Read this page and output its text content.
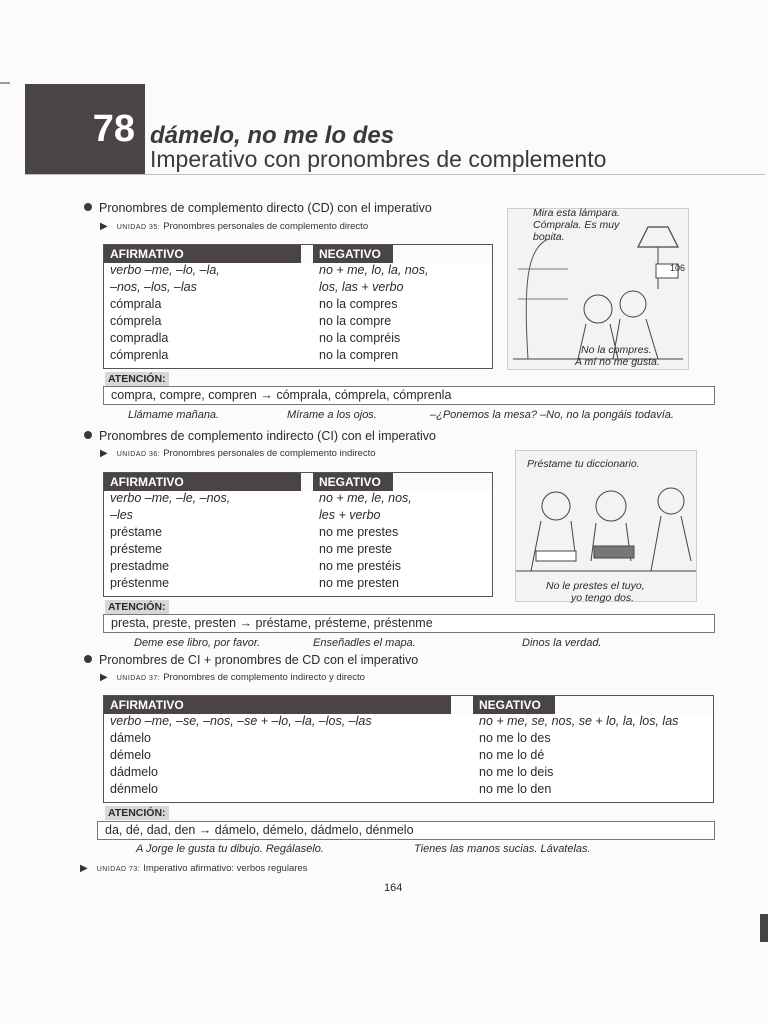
78 dámelo, no me lo des
Imperativo con pronombres de complemento
Pronombres de complemento directo (CD) con el imperativo
▶ UNIDAD 35: Pronombres personales de complemento directo
AFIRMATIVO		NEGATIVO	
verbo –me, –lo, –la,		no + me, lo, la, nos,	
–nos, –los, –las		los, las + verbo	
cómprala		no la compres	
cómprela		no la compre	
compradla		no la compréis	
cómprenla		no la compren	
Mira esta lámpara. Cómprala. Es muy bonita.
106
No la compres.
A mí no me gusta.
ATENCIÓN:
compra, compre, compren → cómprala, cómprela, cómprenla
Llámame mañana.	Mírame a los ojos.	–¿Ponemos la mesa? –No, no la pongáis todavía.
Pronombres de complemento indirecto (CI) con el imperativo
▶ UNIDAD 36: Pronombres personales de complemento indirecto
AFIRMATIVO		NEGATIVO	
verbo –me, –le, –nos,		no + me, le, nos,	
–les		les + verbo	
préstame		no me prestes	
présteme		no me preste	
prestadme		no me prestéis	
préstenme		no me presten	
Préstame tu diccionario.
No le prestes el tuyo,
yo tengo dos.
ATENCIÓN:
presta, preste, presten → préstame, présteme, préstenme
Deme ese libro, por favor.	Enseñadles el mapa.	Dinos la verdad.
Pronombres de CI + pronombres de CD con el imperativo
▶ UNIDAD 37: Pronombres de complemento indirecto y directo
AFIRMATIVO		NEGATIVO	
verbo –me, –se, –nos, –se + –lo, –la, –los, –las		no + me, se, nos, se + lo, la, los, las	
dámelo		no me lo des	
démelo		no me lo dé	
dádmelo		no me lo deis	
dénmelo		no me lo den	
ATENCIÓN:
da, dé, dad, den → dámelo, démelo, dádmelo, dénmelo
A Jorge le gusta tu dibujo. Regálaselo.	Tienes las manos sucias. Lávatelas.
▶ UNIDAD 73: Imperativo afirmativo: verbos regulares
164
